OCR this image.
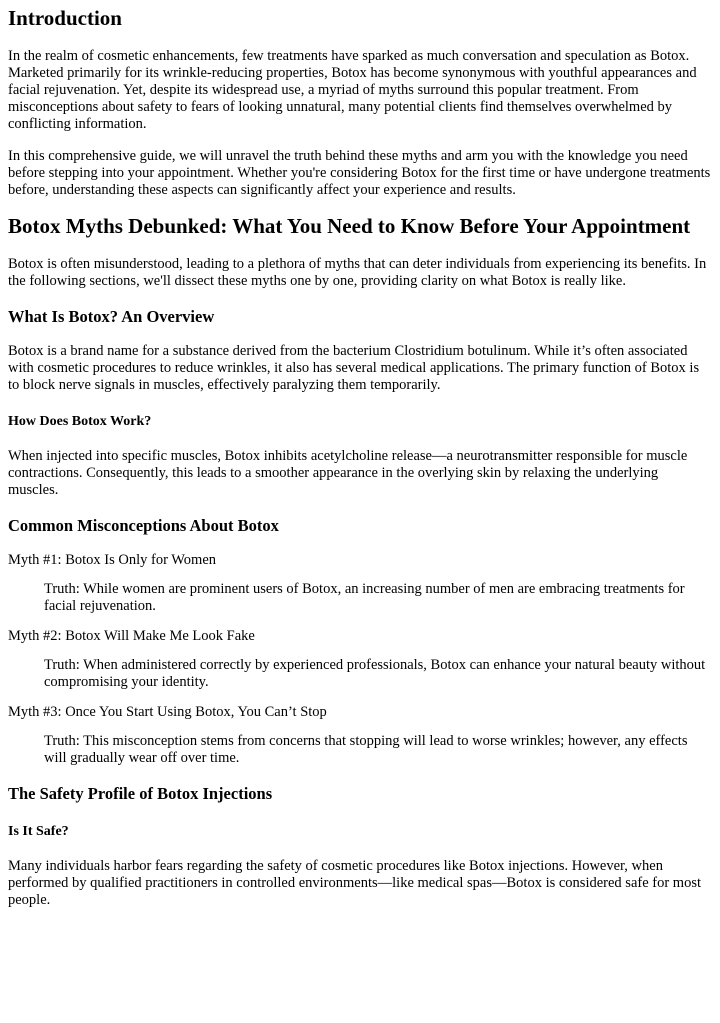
Introduction

In the realm of cosmetic enhancements, few treatments have sparked as much conversation and speculation as Botox. Marketed primarily for its wrinkle-reducing properties, Botox has become synonymous with youthful appearances and facial rejuvenation. Yet, despite its widespread use, a myriad of myths surround this popular treatment. From misconceptions about safety to fears of looking unnatural, many potential clients find themselves overwhelmed by conflicting information.

In this comprehensive guide, we will unravel the truth behind these myths and arm you with the knowledge you need before stepping into your appointment. Whether you're considering Botox for the first time or have undergone treatments before, understanding these aspects can significantly affect your experience and results.

Botox Myths Debunked: What You Need to Know Before Your Appointment

Botox is often misunderstood, leading to a plethora of myths that can deter individuals from experiencing its benefits. In the following sections, we'll dissect these myths one by one, providing clarity on what Botox is really like.

What Is Botox? An Overview

Botox is a brand name for a substance derived from the bacterium Clostridium botulinum. While it’s often associated with cosmetic procedures to reduce wrinkles, it also has several medical applications. The primary function of Botox is to block nerve signals in muscles, effectively paralyzing them temporarily.

How Does Botox Work?

When injected into specific muscles, Botox inhibits acetylcholine release—a neurotransmitter responsible for muscle contractions. Consequently, this leads to a smoother appearance in the overlying skin by relaxing the underlying muscles.

Common Misconceptions About Botox

Myth #1: Botox Is Only for Women

Truth: While women are prominent users of Botox, an increasing number of men are embracing treatments for facial rejuvenation.

Myth #2: Botox Will Make Me Look Fake

Truth: When administered correctly by experienced professionals, Botox can enhance your natural beauty without compromising your identity.

Myth #3: Once You Start Using Botox, You Can’t Stop

Truth: This misconception stems from concerns that stopping will lead to worse wrinkles; however, any effects will gradually wear off over time.
The Safety Profile of Botox Injections
Is It Safe?

Many individuals harbor fears regarding the safety of cosmetic procedures like Botox injections. However, when performed by qualified practitioners in controlled environments—like medical spas—Botox is considered safe for most people.
